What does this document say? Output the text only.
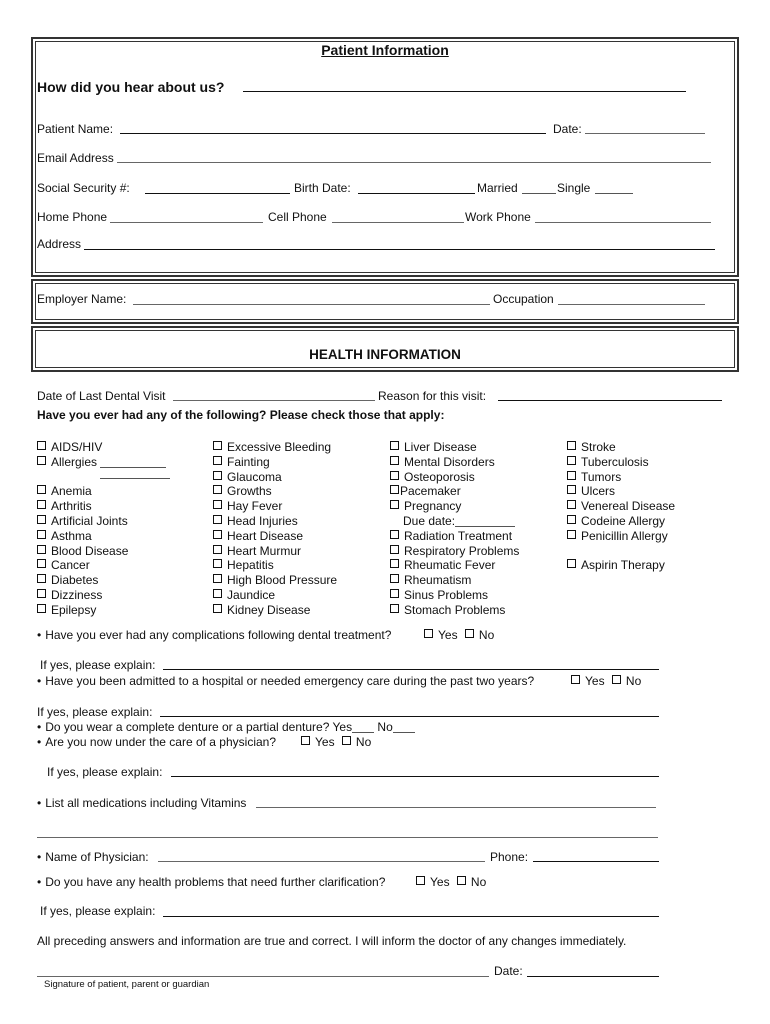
Patient Information
How did you hear about us?
Patient Name:	Date:
Email Address
Social Security #:	Birth Date:	Married	Single
Home Phone	Cell Phone	Work Phone
Address
Employer Name:	Occupation
HEALTH INFORMATION
Date of Last Dental Visit	Reason for this visit:
Have you ever had any of the following? Please check those that apply:
AIDS/HIV
Allergies
Anemia
Arthritis
Artificial Joints
Asthma
Blood Disease
Cancer
Diabetes
Dizziness
Epilepsy
Excessive Bleeding
Fainting
Glaucoma
Growths
Hay Fever
Head Injuries
Heart Disease
Heart Murmur
Hepatitis
High Blood Pressure
Jaundice
Kidney Disease
Liver Disease
Mental Disorders
Osteoporosis
Pacemaker
Pregnancy
Due date:
Radiation Treatment
Respiratory Problems
Rheumatic Fever
Rheumatism
Sinus Problems
Stomach Problems
Stroke
Tuberculosis
Tumors
Ulcers
Venereal Disease
Codeine Allergy
Penicillin Allergy
Aspirin Therapy
• Have you ever had any complications following dental treatment?	Yes No
If yes, please explain:
• Have you been admitted to a hospital or needed emergency care during the past two years?	Yes No
If yes, please explain:
• Do you wear a complete denture or a partial denture? Yes No
• Are you now under the care of a physician?	Yes No
If yes, please explain:
• List all medications including Vitamins
• Name of Physician:	Phone:
• Do you have any health problems that need further clarification?	Yes No
If yes, please explain:
All preceding answers and information are true and correct. I will inform the doctor of any changes immediately.
Date:
Signature of patient, parent or guardian
